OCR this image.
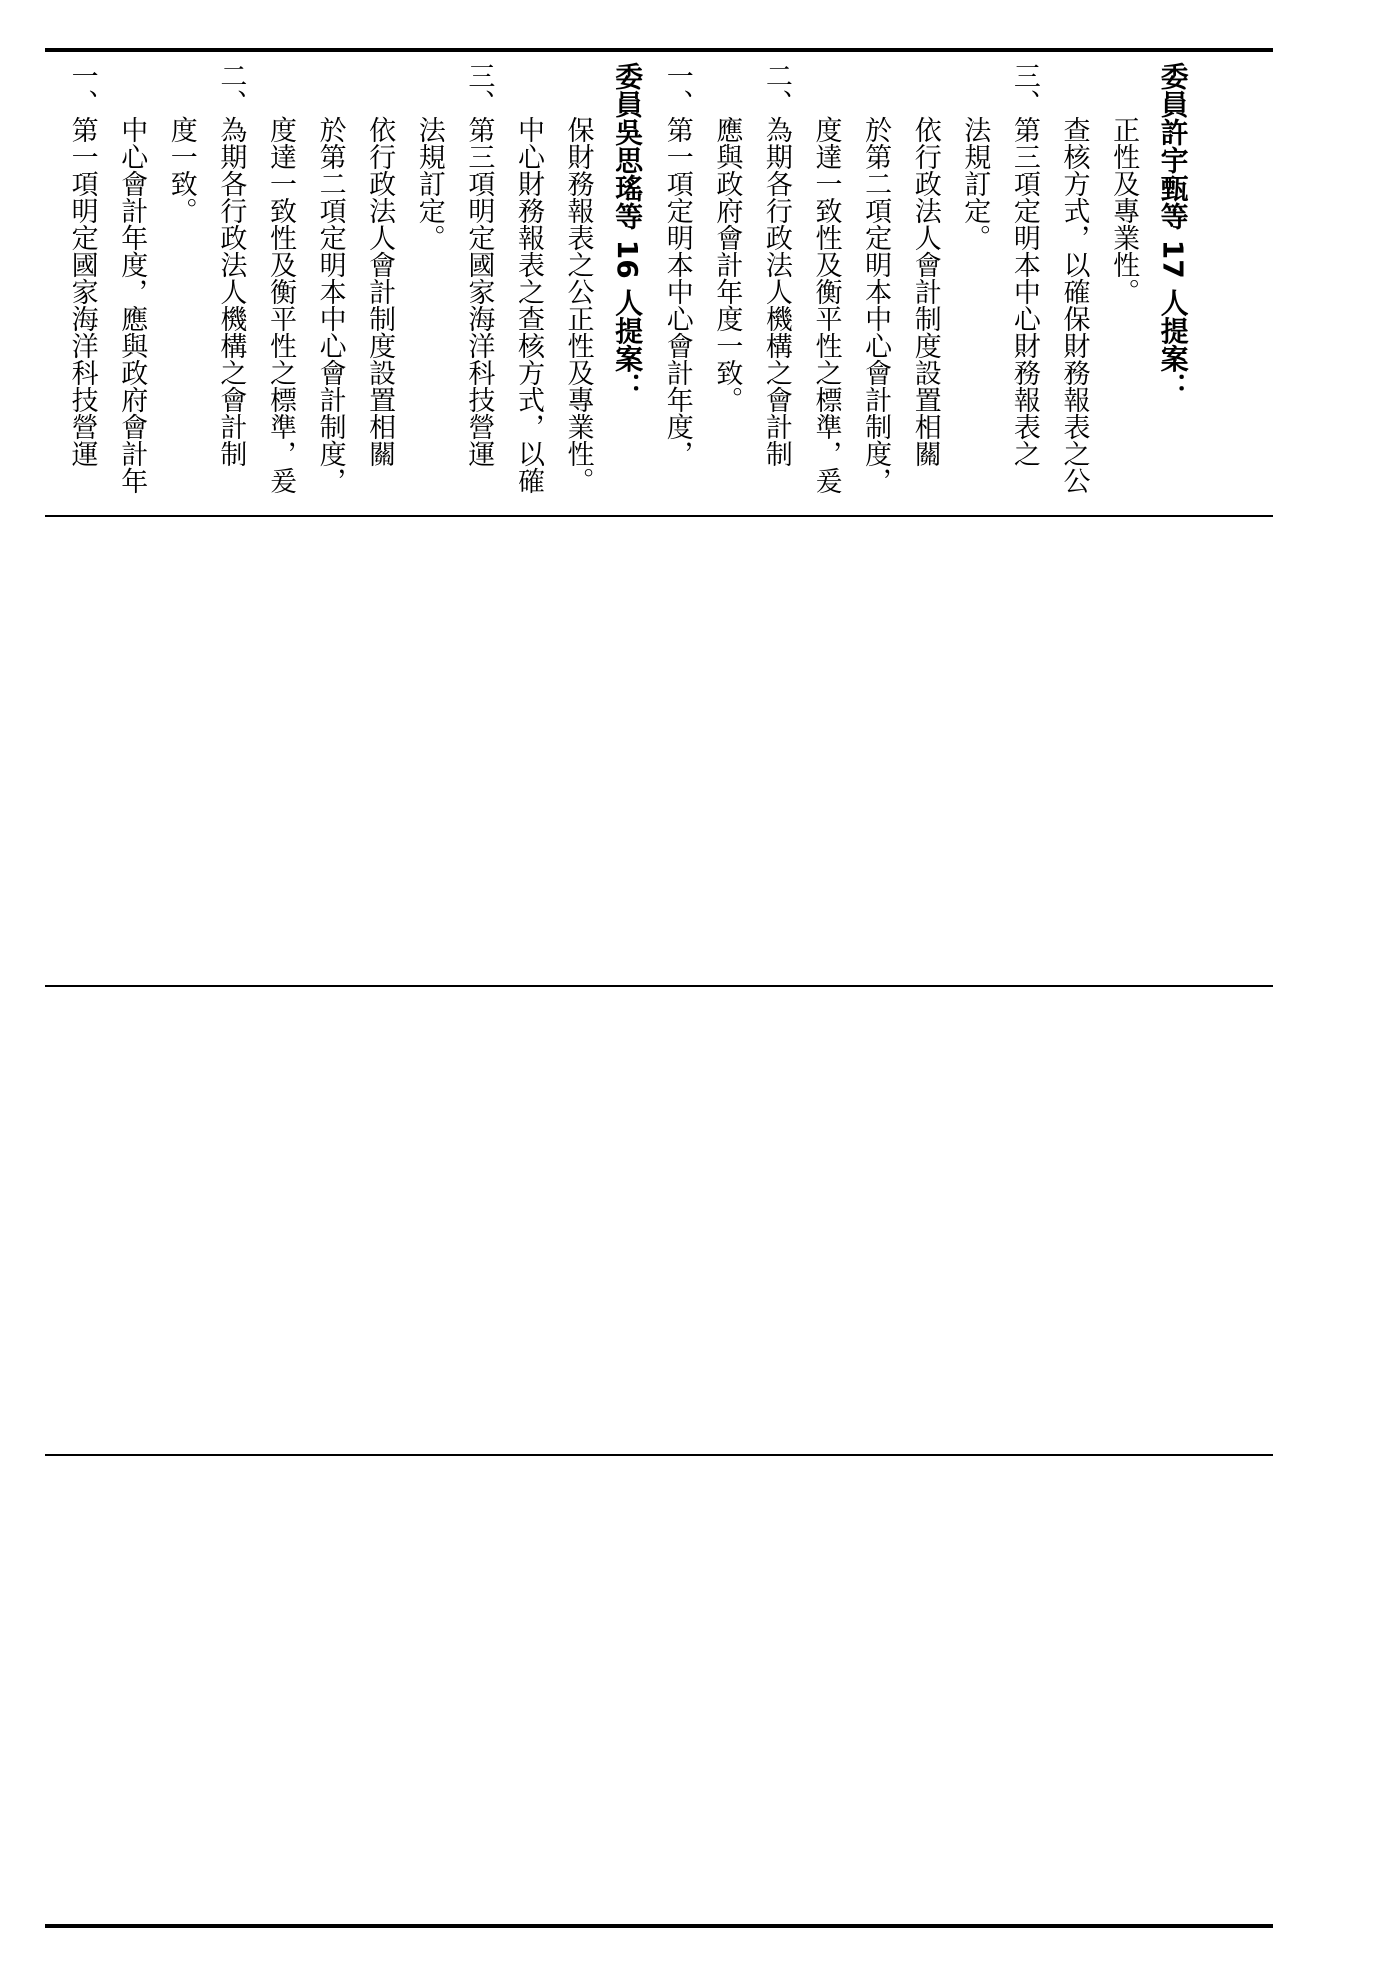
一、第一項明定國家海洋科技營運 中心會計年度，應與政府會計年 度一致。 二、為期各行政法人機構之會計制 度達一致性及衡平性之標準，爰 於第二項定明本中心會計制度， 依行政法人會計制度設置相關 法規訂定。 三、第三項明定國家海洋科技營運 中心財務報表之查核方式，以確 保財務報表之公正性及專業性。 委員吳思瑤等 16 人提案： 一、第一項定明本中心會計年度， 應與政府會計年度一致。 二、為期各行政法人機構之會計制 度達一致性及衡平性之標準，爰 於第二項定明本中心會計制度， 依行政法人會計制度設置相關 法規訂定。 三、第三項定明本中心財務報表之 查核方式，以確保財務報表之公 正性及專業性。 委員許宇甄等 17 人提案：
